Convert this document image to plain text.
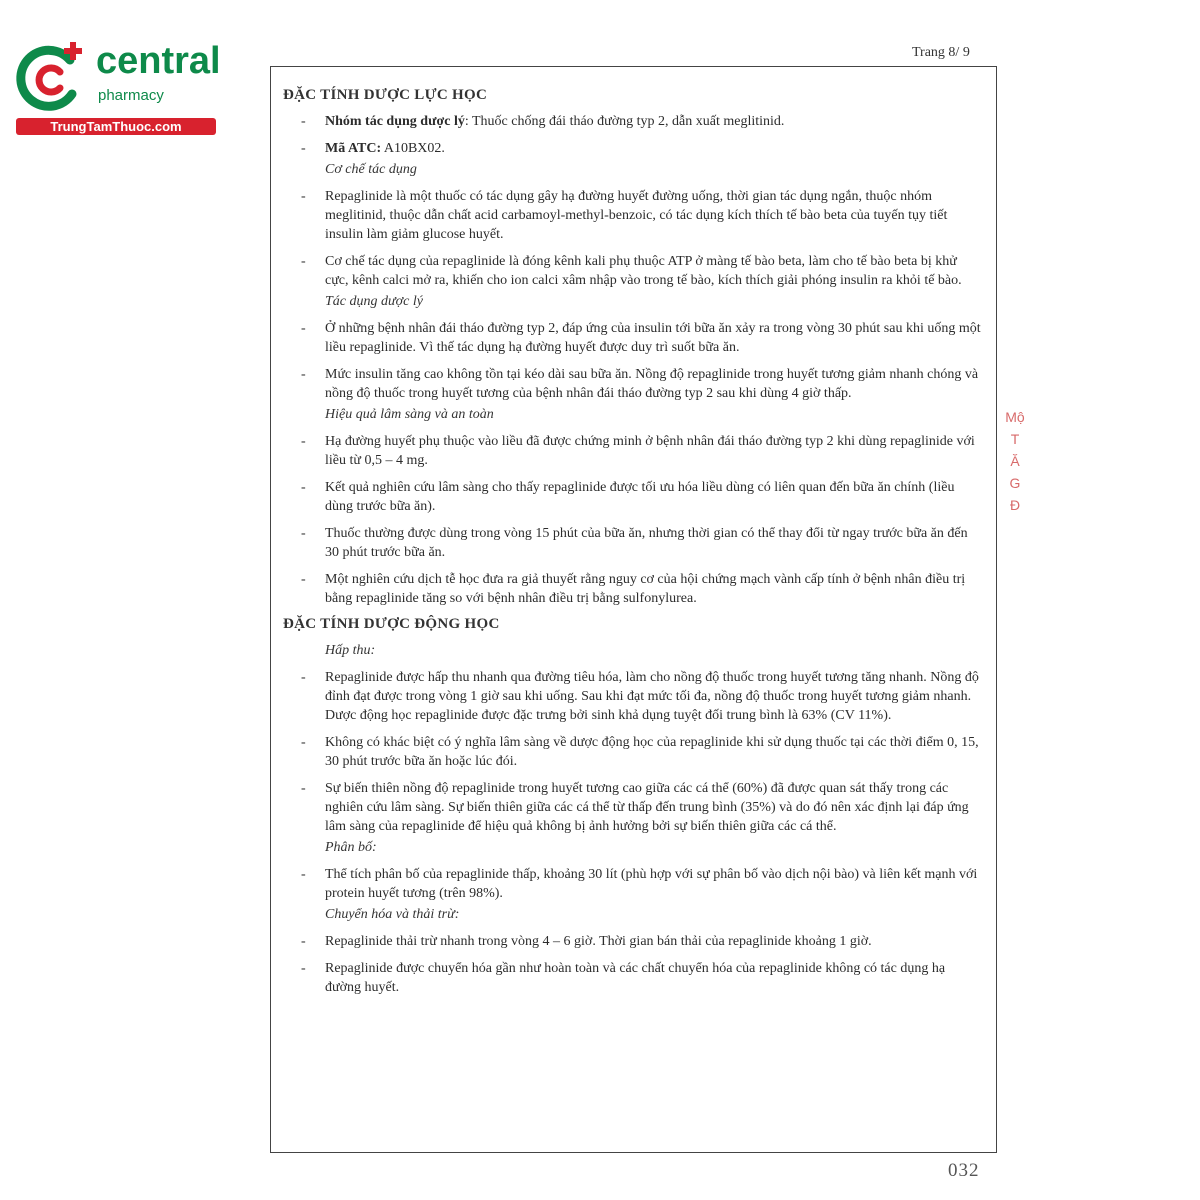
central
pharmacy
TrungTamThuoc.com
Trang 8/ 9
ĐẶC TÍNH DƯỢC LỰC HỌC
- Nhóm tác dụng dược lý: Thuốc chống đái tháo đường typ 2, dẫn xuất meglitinid.
- Mã ATC: A10BX02.
Cơ chế tác dụng
- Repaglinide là một thuốc có tác dụng gây hạ đường huyết đường uống, thời gian tác dụng ngắn, thuộc nhóm meglitinid, thuộc dẫn chất acid carbamoyl-methyl-benzoic, có tác dụng kích thích tế bào beta của tuyến tụy tiết insulin làm giảm glucose huyết.
- Cơ chế tác dụng của repaglinide là đóng kênh kali phụ thuộc ATP ở màng tế bào beta, làm cho tế bào beta bị khử cực, kênh calci mở ra, khiến cho ion calci xâm nhập vào trong tế bào, kích thích giải phóng insulin ra khỏi tế bào.
Tác dụng dược lý
- Ở những bệnh nhân đái tháo đường typ 2, đáp ứng của insulin tới bữa ăn xảy ra trong vòng 30 phút sau khi uống một liều repaglinide. Vì thế tác dụng hạ đường huyết được duy trì suốt bữa ăn.
- Mức insulin tăng cao không tồn tại kéo dài sau bữa ăn. Nồng độ repaglinide trong huyết tương giảm nhanh chóng và nồng độ thuốc trong huyết tương của bệnh nhân đái tháo đường typ 2 sau khi dùng 4 giờ thấp.
Hiệu quả lâm sàng và an toàn
- Hạ đường huyết phụ thuộc vào liều đã được chứng minh ở bệnh nhân đái tháo đường typ 2 khi dùng repaglinide với liều từ 0,5 – 4 mg.
- Kết quả nghiên cứu lâm sàng cho thấy repaglinide được tối ưu hóa liều dùng có liên quan đến bữa ăn chính (liều dùng trước bữa ăn).
- Thuốc thường được dùng trong vòng 15 phút của bữa ăn, nhưng thời gian có thể thay đổi từ ngay trước bữa ăn đến 30 phút trước bữa ăn.
- Một nghiên cứu dịch tễ học đưa ra giả thuyết rằng nguy cơ của hội chứng mạch vành cấp tính ở bệnh nhân điều trị bằng repaglinide tăng so với bệnh nhân điều trị bằng sulfonylurea.
ĐẶC TÍNH DƯỢC ĐỘNG HỌC
Hấp thu:
- Repaglinide được hấp thu nhanh qua đường tiêu hóa, làm cho nồng độ thuốc trong huyết tương tăng nhanh. Nồng độ đỉnh đạt được trong vòng 1 giờ sau khi uống. Sau khi đạt mức tối đa, nồng độ thuốc trong huyết tương giảm nhanh. Dược động học repaglinide được đặc trưng bởi sinh khả dụng tuyệt đối trung bình là 63% (CV 11%).
- Không có khác biệt có ý nghĩa lâm sàng về dược động học của repaglinide khi sử dụng thuốc tại các thời điểm 0, 15, 30 phút trước bữa ăn hoặc lúc đói.
- Sự biến thiên nồng độ repaglinide trong huyết tương cao giữa các cá thể (60%) đã được quan sát thấy trong các nghiên cứu lâm sàng. Sự biến thiên giữa các cá thể từ thấp đến trung bình (35%) và do đó nên xác định lại đáp ứng lâm sàng của repaglinide để hiệu quả không bị ảnh hưởng bởi sự biến thiên giữa các cá thể.
Phân bố:
- Thể tích phân bố của repaglinide thấp, khoảng 30 lít (phù hợp với sự phân bố vào dịch nội bào) và liên kết mạnh với protein huyết tương (trên 98%).
Chuyển hóa và thải trừ:
- Repaglinide thải trừ nhanh trong vòng 4 – 6 giờ. Thời gian bán thải của repaglinide khoảng 1 giờ.
- Repaglinide được chuyển hóa gần như hoàn toàn và các chất chuyển hóa của repaglinide không có tác dụng hạ đường huyết.
Mộ
T
Ă
G
Đ
032
